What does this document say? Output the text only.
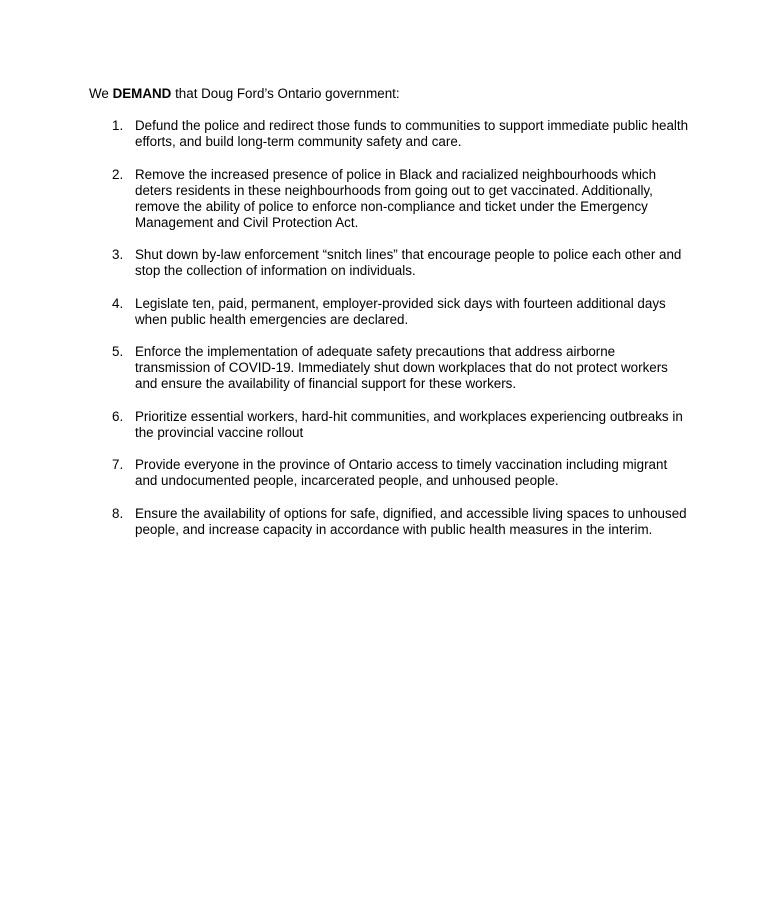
We DEMAND that Doug Ford’s Ontario government:
1. Defund the police and redirect those funds to communities to support immediate public health efforts, and build long-term community safety and care.
2. Remove the increased presence of police in Black and racialized neighbourhoods which deters residents in these neighbourhoods from going out to get vaccinated. Additionally, remove the ability of police to enforce non-compliance and ticket under the Emergency Management and Civil Protection Act.
3. Shut down by-law enforcement “snitch lines” that encourage people to police each other and stop the collection of information on individuals.
4. Legislate ten, paid, permanent, employer-provided sick days with fourteen additional days when public health emergencies are declared.
5. Enforce the implementation of adequate safety precautions that address airborne transmission of COVID-19. Immediately shut down workplaces that do not protect workers and ensure the availability of financial support for these workers.
6. Prioritize essential workers, hard-hit communities, and workplaces experiencing outbreaks in the provincial vaccine rollout
7. Provide everyone in the province of Ontario access to timely vaccination including migrant and undocumented people, incarcerated people, and unhoused people.
8. Ensure the availability of options for safe, dignified, and accessible living spaces to unhoused people, and increase capacity in accordance with public health measures in the interim.
